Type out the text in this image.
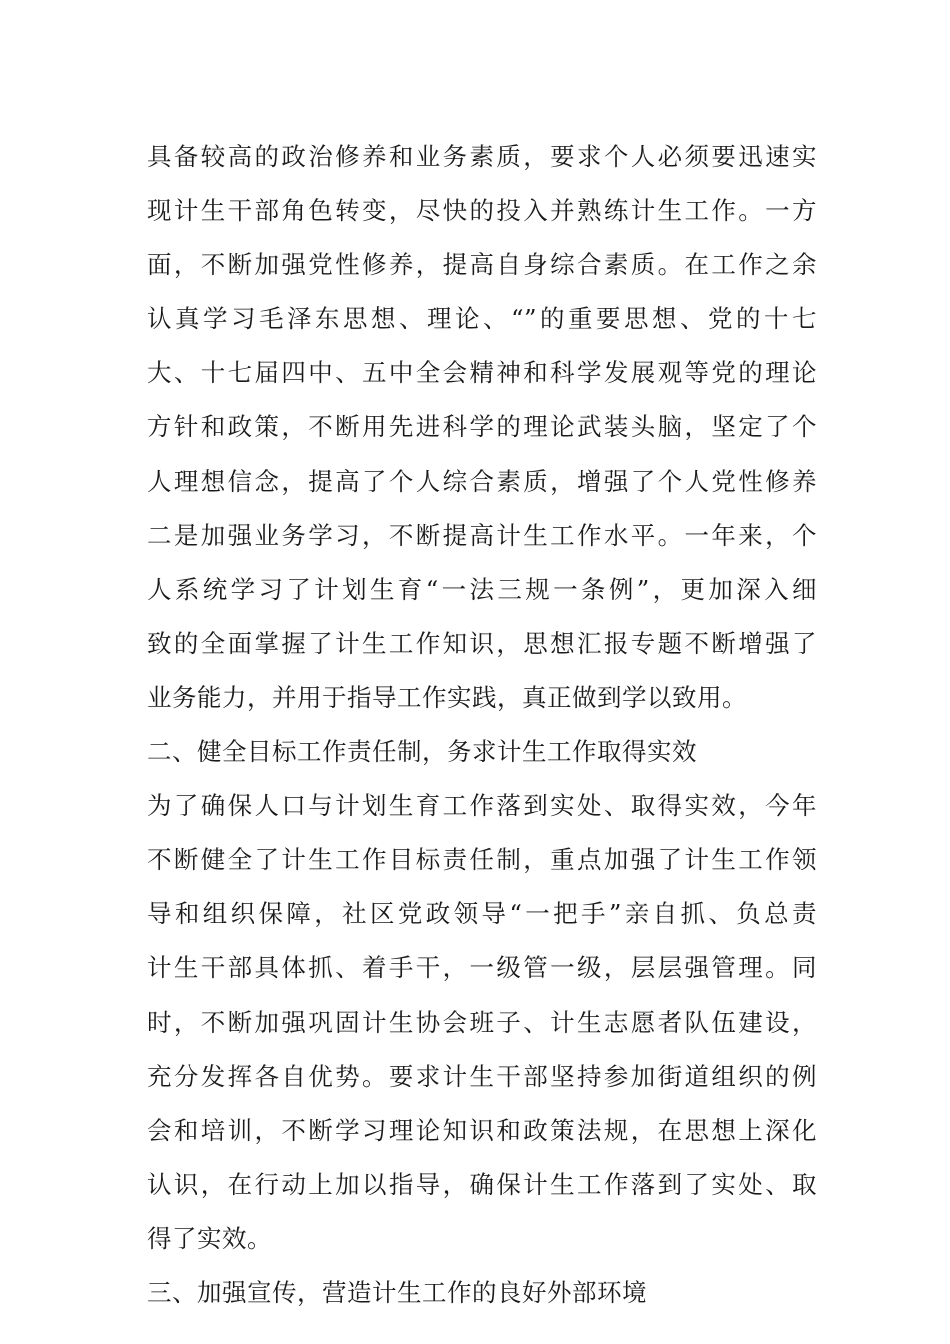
具备较高的政治修养和业务素质，要求个人必须要迅速实
现计生干部角色转变，尽快的投入并熟练计生工作。一方
面，不断加强党性修养，提高自身综合素质。在工作之余
认真学习毛泽东思想、理论、“”的重要思想、党的十七
大、十七届四中、五中全会精神和科学发展观等党的理论
方针和政策，不断用先进科学的理论武装头脑，坚定了个
人理想信念，提高了个人综合素质，增强了个人党性修养
二是加强业务学习，不断提高计生工作水平。一年来，个
人系统学习了计划生育“一法三规一条例”，更加深入细
致的全面掌握了计生工作知识，思想汇报专题不断增强了
业务能力，并用于指导工作实践，真正做到学以致用。
二、健全目标工作责任制，务求计生工作取得实效
为了确保人口与计划生育工作落到实处、取得实效，今年
不断健全了计生工作目标责任制，重点加强了计生工作领
导和组织保障，社区党政领导“一把手”亲自抓、负总责
计生干部具体抓、着手干，一级管一级，层层强管理。同
时，不断加强巩固计生协会班子、计生志愿者队伍建设，
充分发挥各自优势。要求计生干部坚持参加街道组织的例
会和培训，不断学习理论知识和政策法规，在思想上深化
认识，在行动上加以指导，确保计生工作落到了实处、取
得了实效。
三、加强宣传，营造计生工作的良好外部环境
